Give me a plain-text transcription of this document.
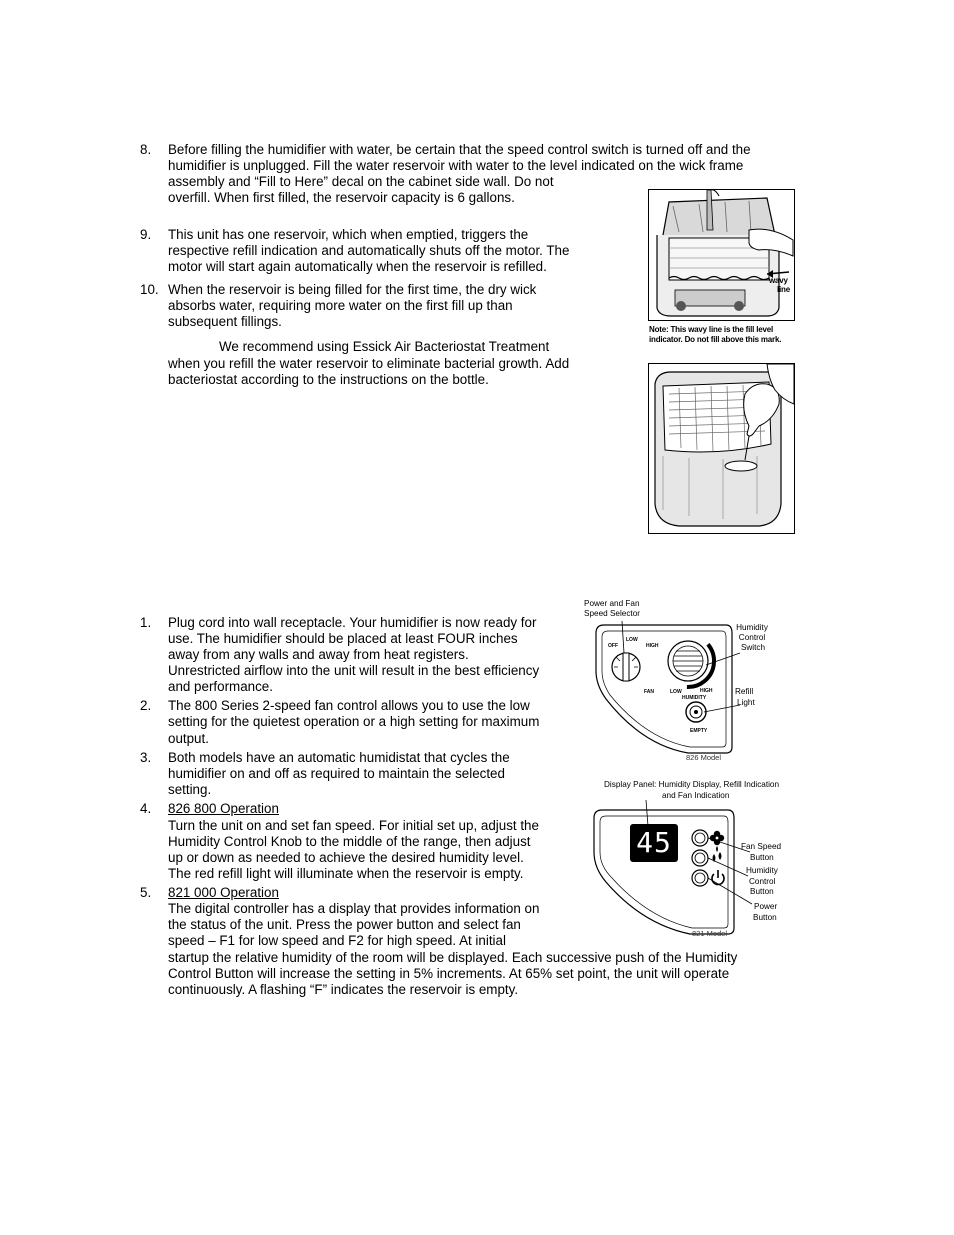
8. Before filling the humidifier with water, be certain that the speed control switch is turned off and the
humidifier is unplugged. Fill the water reservoir with water to the level indicated on the wick frame
assembly and “Fill to Here” decal on the cabinet side wall. Do not
overfill. When first filled, the reservoir capacity is 6 gallons.
9. This unit has one reservoir, which when emptied, triggers the
respective refill indication and automatically shuts off the motor. The
motor will start again automatically when the reservoir is refilled.
10. When the reservoir is being filled for the first time, the dry wick
absorbs water, requiring more water on the first fill up than
subsequent fillings.
We recommend using Essick Air Bacteriostat Treatment
when you refill the water reservoir to eliminate bacterial growth. Add
bacteriostat according to the instructions on the bottle.
wavy
line
Note: This wavy line is the fill level
indicator. Do not fill above this mark.
1. Plug cord into wall receptacle. Your humidifier is now ready for
use. The humidifier should be placed at least FOUR inches
away from any walls and away from heat registers.
Unrestricted airflow into the unit will result in the best efficiency
and performance.
2. The 800 Series 2-speed fan control allows you to use the low
setting for the quietest operation or a high setting for maximum
output.
3. Both models have an automatic humidistat that cycles the
humidifier on and off as required to maintain the selected
setting.
4. 826 800 Operation
Turn the unit on and set fan speed. For initial set up, adjust the
Humidity Control Knob to the middle of the range, then adjust
up or down as needed to achieve the desired humidity level.
The red refill light will illuminate when the reservoir is empty.
5. 821 000 Operation
The digital controller has a display that provides information on
the status of the unit. Press the power button and select fan
speed – F1 for low speed and F2 for high speed. At initial
startup the relative humidity of the room will be displayed. Each successive push of the Humidity
Control Button will increase the setting in 5% increments. At 65% set point, the unit will operate
continuously. A flashing “F” indicates the reservoir is empty.
Power and Fan
Speed Selector
Humidity
Control
Switch
Refill
Light
OFF
LOW
HIGH
FAN	LOW	HIGH
HUMIDITY
EMPTY
826 Model
Display Panel: Humidity Display, Refill Indication
and Fan Indication
45	Fan Speed
Button
Humidity
Control
Button
Power
Button
821 Model
